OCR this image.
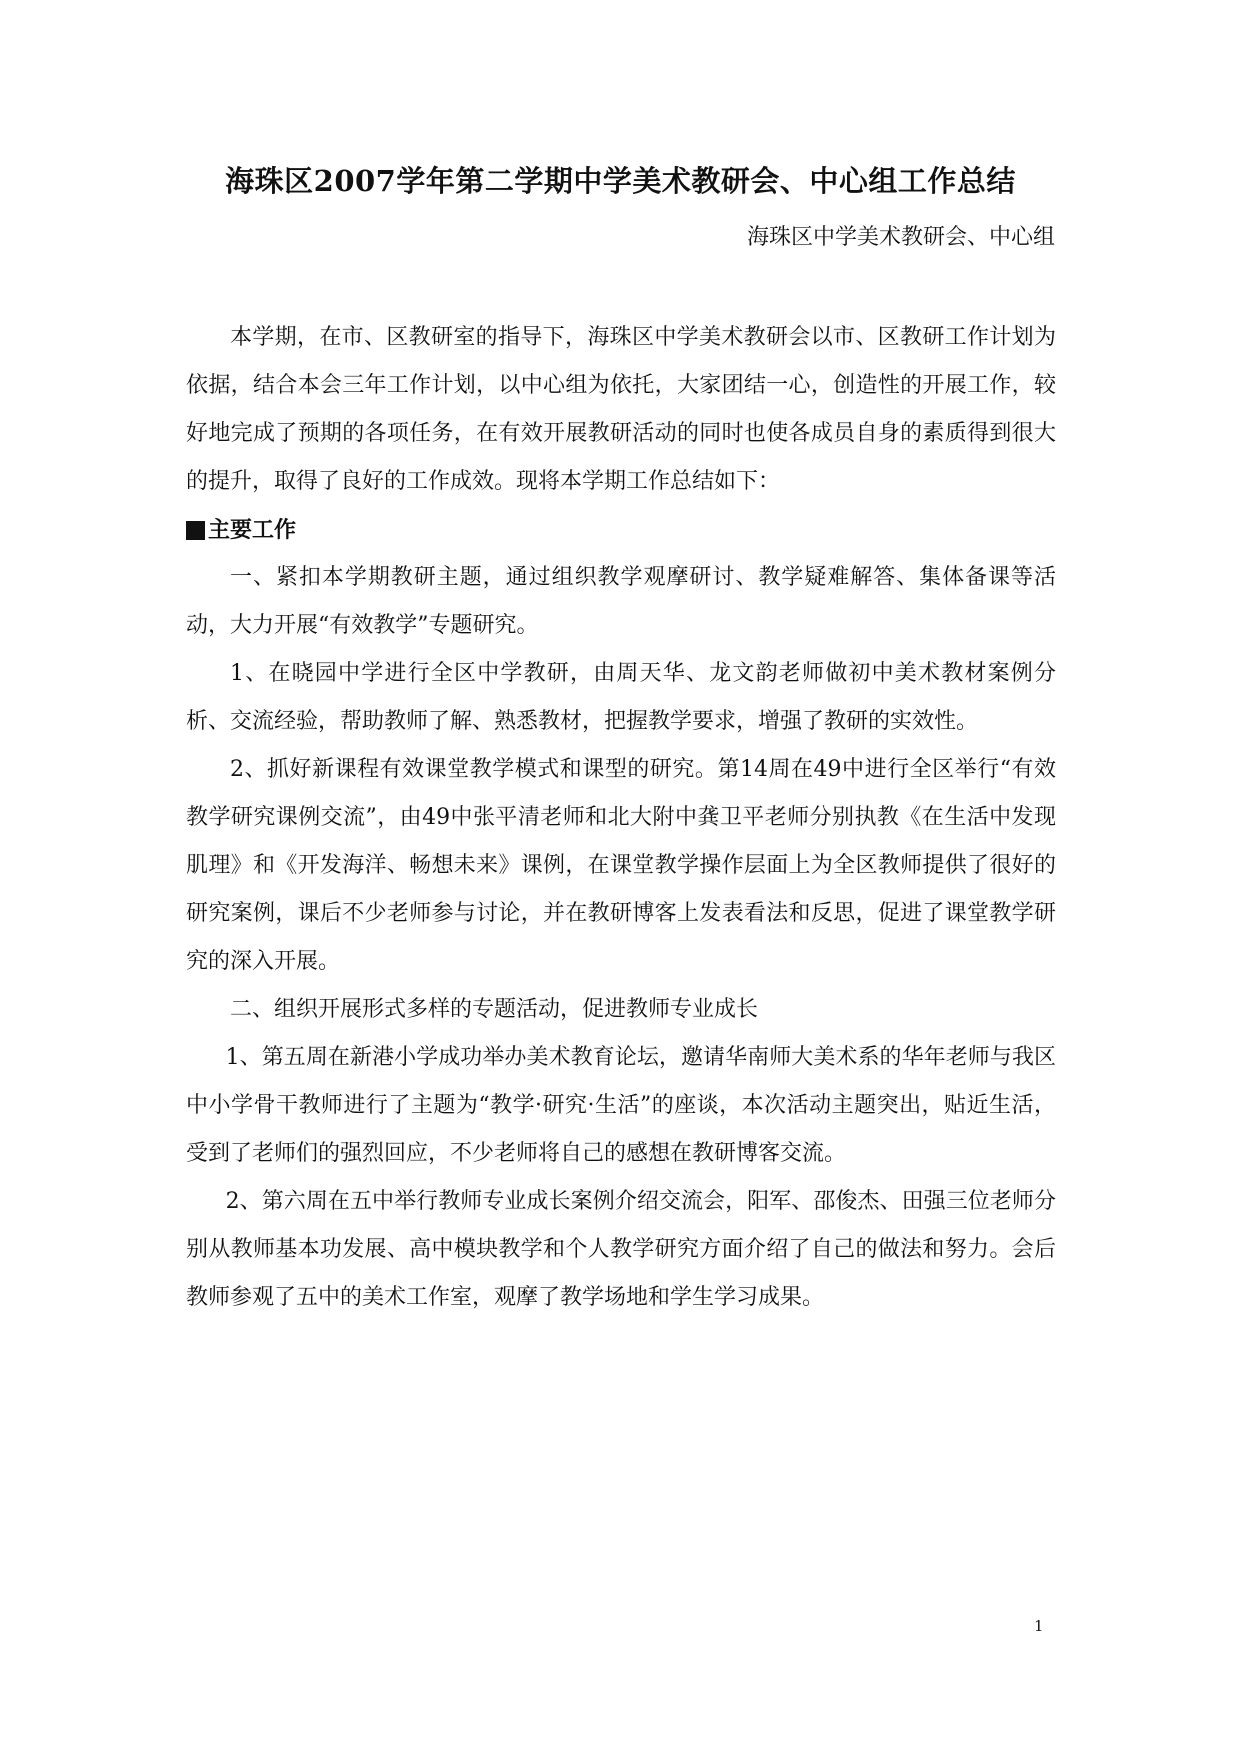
海珠区2007学年第二学期中学美术教研会、中心组工作总结

海珠区中学美术教研会、中心组

本学期，在市、区教研室的指导下，海珠区中学美术教研会以市、区教研工作计划为依据，结合本会三年工作计划，以中心组为依托，大家团结一心，创造性的开展工作，较好地完成了预期的各项任务，在有效开展教研活动的同时也使各成员自身的素质得到很大的提升，取得了良好的工作成效。现将本学期工作总结如下：

主要工作

一、紧扣本学期教研主题，通过组织教学观摩研讨、教学疑难解答、集体备课等活动，大力开展“有效教学”专题研究。

1、在晓园中学进行全区中学教研，由周天华、龙文韵老师做初中美术教材案例分析、交流经验，帮助教师了解、熟悉教材，把握教学要求，增强了教研的实效性。

2、抓好新课程有效课堂教学模式和课型的研究。第14周在49中进行全区举行“有效教学研究课例交流”，由49中张平清老师和北大附中龚卫平老师分别执教《在生活中发现肌理》和《开发海洋、畅想未来》课例，在课堂教学操作层面上为全区教师提供了很好的研究案例，课后不少老师参与讨论，并在教研博客上发表看法和反思，促进了课堂教学研究的深入开展。

二、组织开展形式多样的专题活动，促进教师专业成长

1、第五周在新港小学成功举办美术教育论坛，邀请华南师大美术系的华年老师与我区中小学骨干教师进行了主题为“教学·研究·生活”的座谈，本次活动主题突出，贴近生活，受到了老师们的强烈回应，不少老师将自己的感想在教研博客交流。

2、第六周在五中举行教师专业成长案例介绍交流会，阳军、邵俊杰、田强三位老师分别从教师基本功发展、高中模块教学和个人教学研究方面介绍了自己的做法和努力。会后教师参观了五中的美术工作室，观摩了教学场地和学生学习成果。

1
